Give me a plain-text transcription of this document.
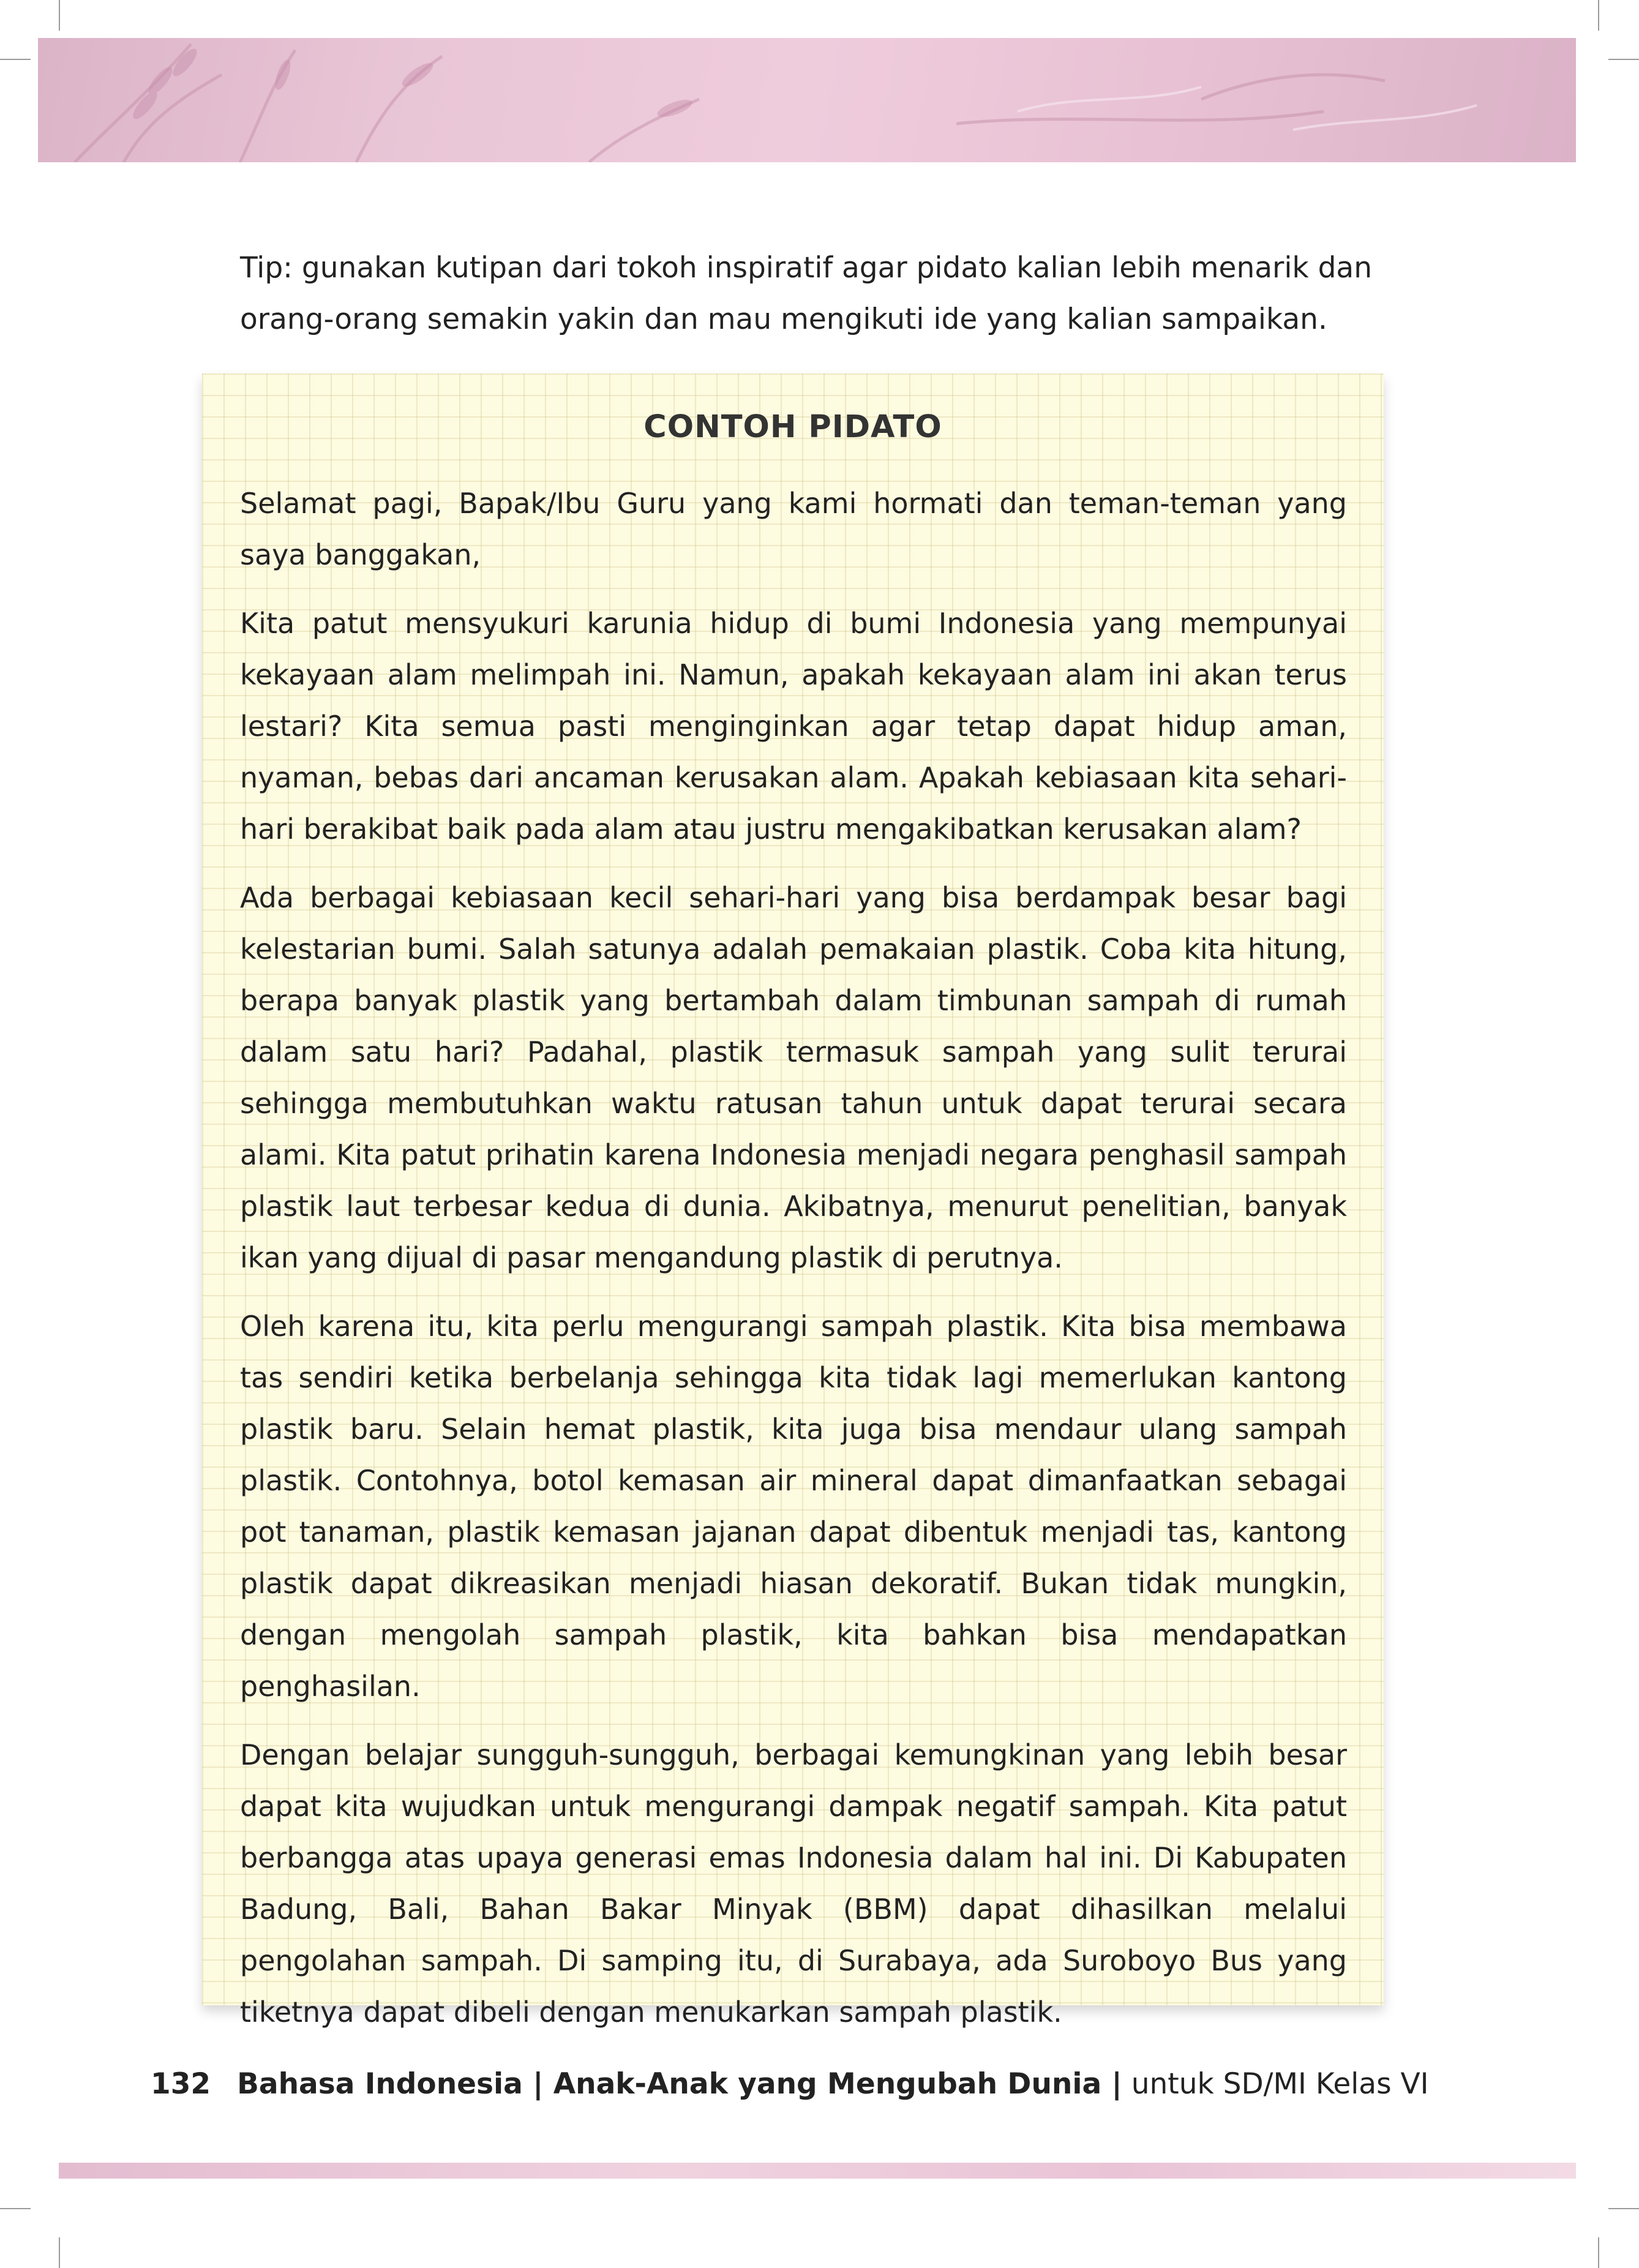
Tip: gunakan kutipan dari tokoh inspiratif agar pidato kalian lebih menarik dan orang-orang semakin yakin dan mau mengikuti ide yang kalian sampaikan.

CONTOH PIDATO

Selamat pagi, Bapak/Ibu Guru yang kami hormati dan teman-teman yang saya banggakan,

Kita patut mensyukuri karunia hidup di bumi Indonesia yang mempunyai kekayaan alam melimpah ini. Namun, apakah kekayaan alam ini akan terus lestari? Kita semua pasti menginginkan agar tetap dapat hidup aman, nyaman, bebas dari ancaman kerusakan alam. Apakah kebiasaan kita sehari-hari berakibat baik pada alam atau justru mengakibatkan kerusakan alam?

Ada berbagai kebiasaan kecil sehari-hari yang bisa berdampak besar bagi kelestarian bumi. Salah satunya adalah pemakaian plastik. Coba kita hitung, berapa banyak plastik yang bertambah dalam timbunan sampah di rumah dalam satu hari? Padahal, plastik termasuk sampah yang sulit terurai sehingga membutuhkan waktu ratusan tahun untuk dapat terurai secara alami. Kita patut prihatin karena Indonesia menjadi negara penghasil sampah plastik laut terbesar kedua di dunia. Akibatnya, menurut penelitian, banyak ikan yang dijual di pasar mengandung plastik di perutnya.

Oleh karena itu, kita perlu mengurangi sampah plastik. Kita bisa membawa tas sendiri ketika berbelanja sehingga kita tidak lagi memerlukan kantong plastik baru. Selain hemat plastik, kita juga bisa mendaur ulang sampah plastik. Contohnya, botol kemasan air mineral dapat dimanfaatkan sebagai pot tanaman, plastik kemasan jajanan dapat dibentuk menjadi tas, kantong plastik dapat dikreasikan menjadi hiasan dekoratif. Bukan tidak mungkin, dengan mengolah sampah plastik, kita bahkan bisa mendapatkan penghasilan.

Dengan belajar sungguh-sungguh, berbagai kemungkinan yang lebih besar dapat kita wujudkan untuk mengurangi dampak negatif sampah. Kita patut berbangga atas upaya generasi emas Indonesia dalam hal ini. Di Kabupaten Badung, Bali, Bahan Bakar Minyak (BBM) dapat dihasilkan melalui pengolahan sampah. Di samping itu, di Surabaya, ada Suroboyo Bus yang tiketnya dapat dibeli dengan menukarkan sampah plastik.

132 Bahasa Indonesia | Anak-Anak yang Mengubah Dunia | untuk SD/MI Kelas VI
